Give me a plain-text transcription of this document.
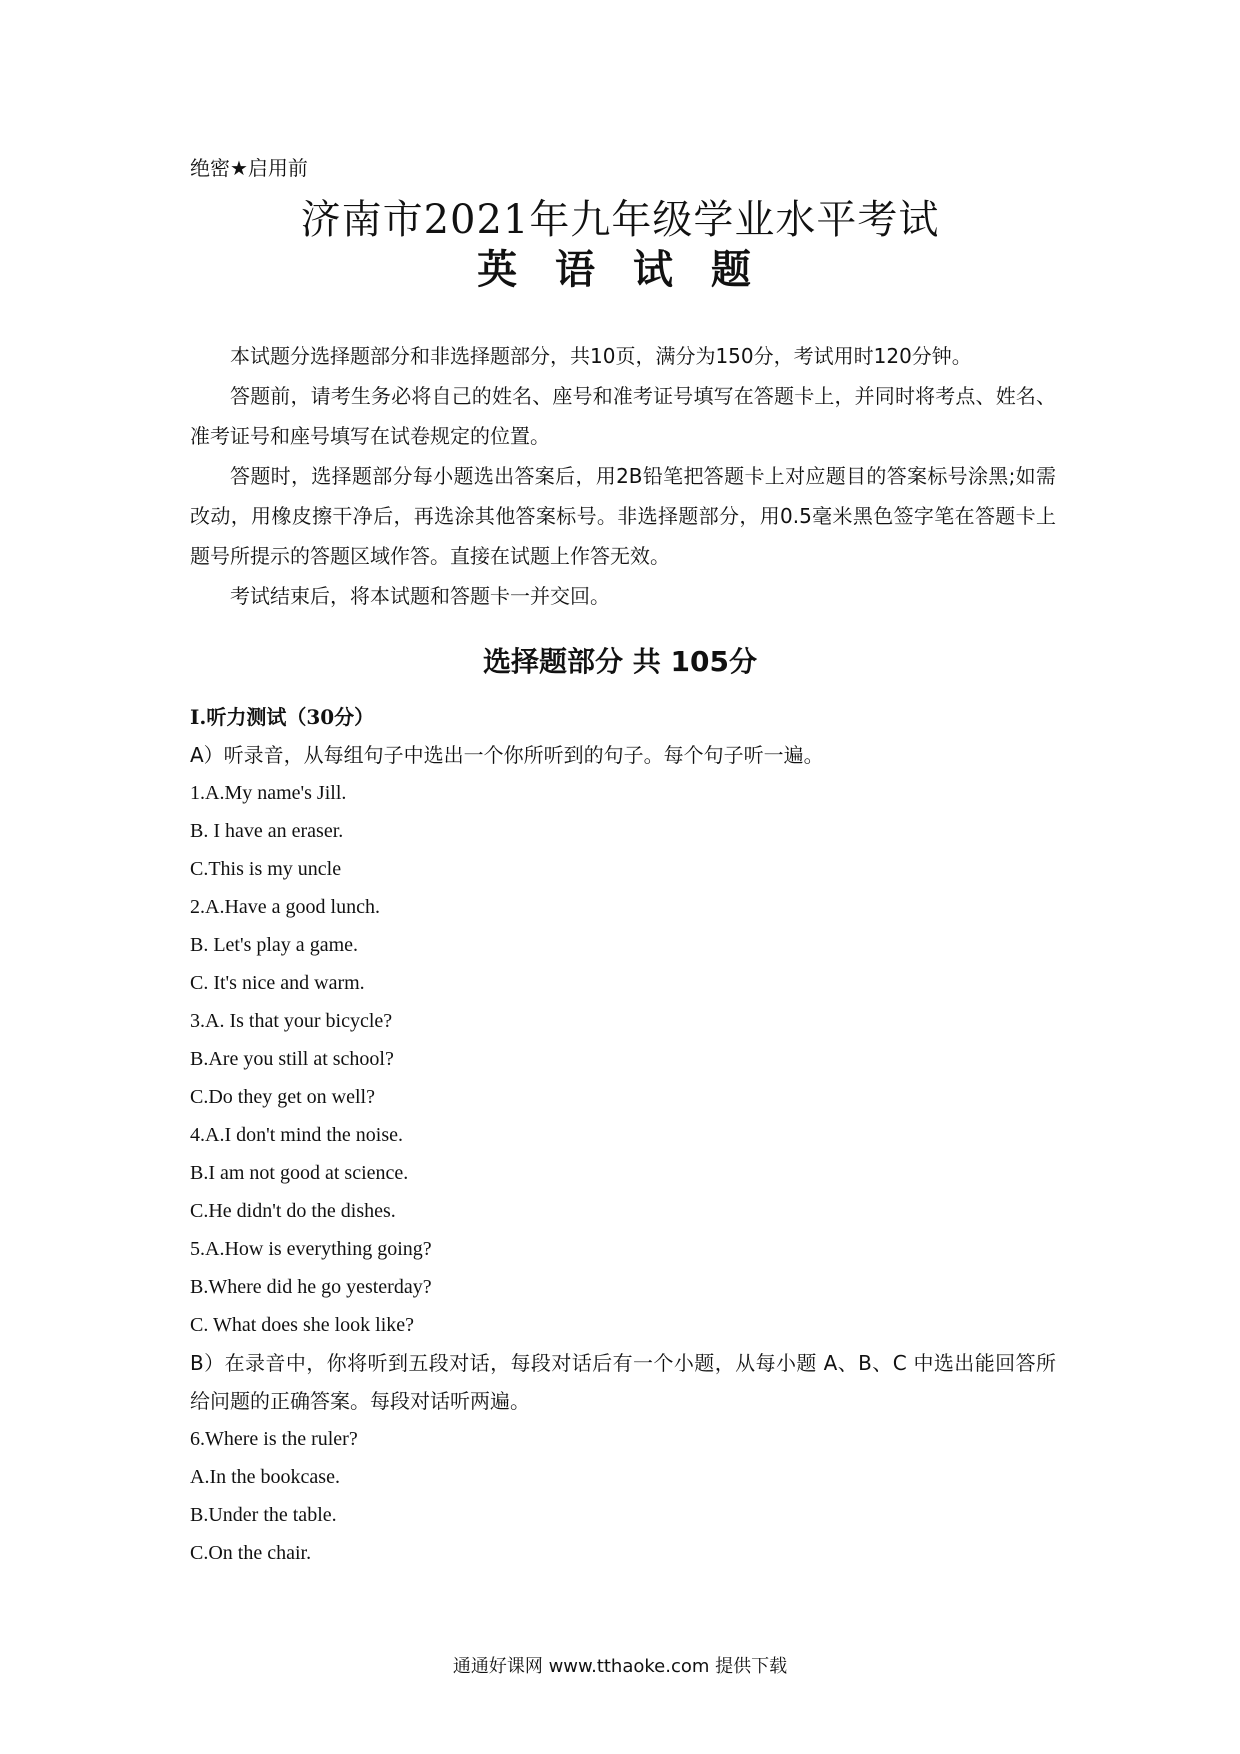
绝密★启用前
济南市2021年九年级学业水平考试
英 语 试 题

本试题分选择题部分和非选择题部分，共10页，满分为150分，考试用时120分钟。

答题前，请考生务必将自己的姓名、座号和准考证号填写在答题卡上，并同时将考点、姓名、准考证号和座号填写在试卷规定的位置。

答题时，选择题部分每小题选出答案后，用2B铅笔把答题卡上对应题目的答案标号涂黑;如需改动，用橡皮擦干净后，再选涂其他答案标号。非选择题部分，用0.5毫米黑色签字笔在答题卡上题号所提示的答题区域作答。直接在试题上作答无效。

考试结束后，将本试题和答题卡一并交回。

选择题部分 共 105分
I.听力测试（30分）
A）听录音，从每组句子中选出一个你所听到的句子。每个句子听一遍。
1.A.My name's Jill.
B. I have an eraser.
C.This is my uncle
2.A.Have a good lunch.
B. Let's play a game.
C. It's nice and warm.
3.A. Is that your bicycle?
B.Are you still at school?
C.Do they get on well?
4.A.I don't mind the noise.
B.I am not good at science.
C.He didn't do the dishes.
5.A.How is everything going?
B.Where did he go yesterday?
C. What does she look like?
B）在录音中，你将听到五段对话，每段对话后有一个小题，从每小题 A、B、C 中选出能回答所给问题的正确答案。每段对话听两遍。
6.Where is the ruler?
A.In the bookcase.
B.Under the table.
C.On the chair.
通通好课网 www.tthaoke.com 提供下载
